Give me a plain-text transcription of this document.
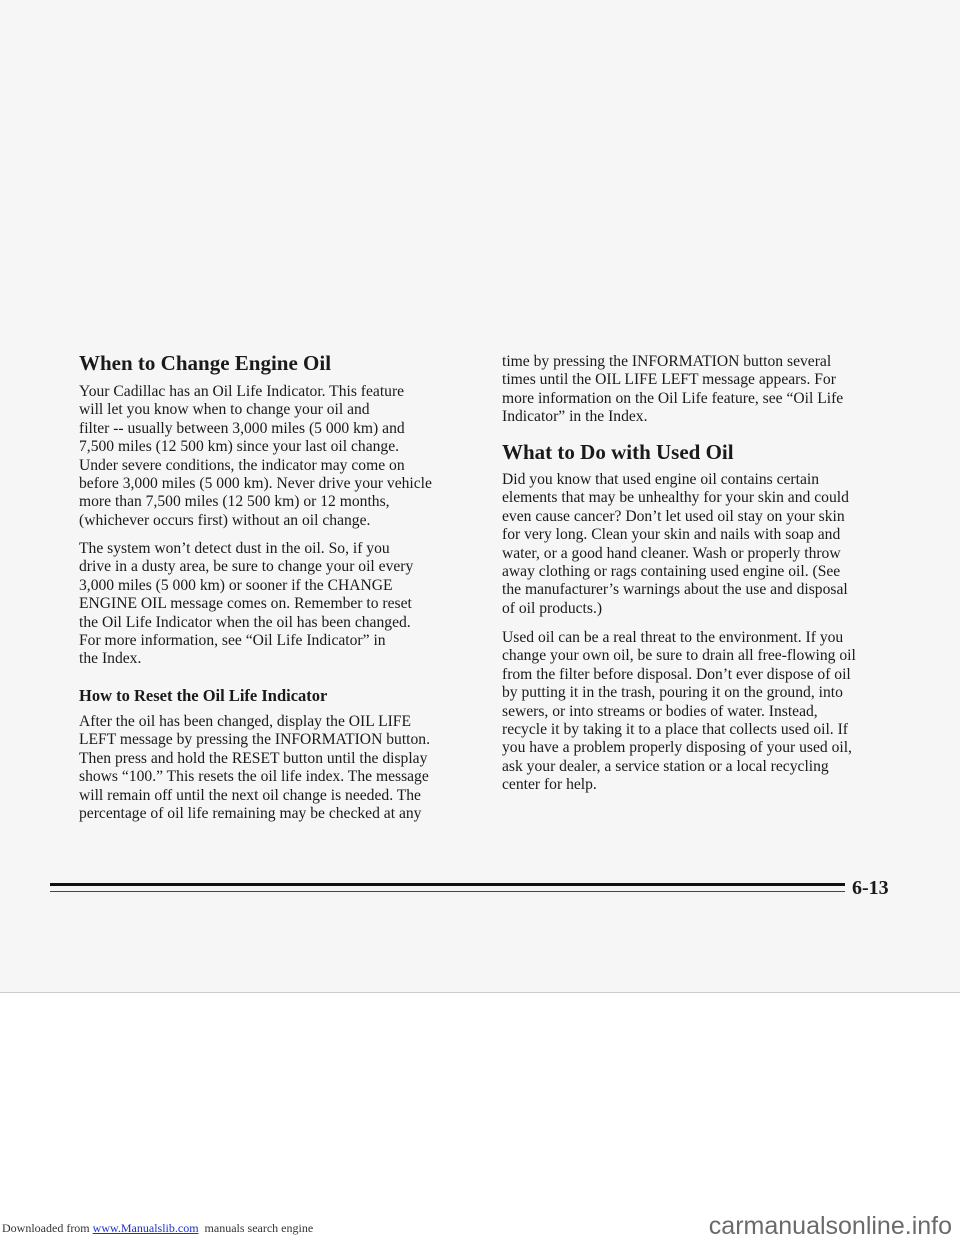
When to Change Engine Oil
Your Cadillac has an Oil Life Indicator. This feature
will let you know when to change your oil and
filter -- usually between 3,000 miles (5 000 km) and
7,500 miles (12 500 km) since your last oil change.
Under severe conditions, the indicator may come on
before 3,000 miles (5 000 km). Never drive your vehicle
more than 7,500 miles (12 500 km) or 12 months,
(whichever occurs first) without an oil change.
The system won’t detect dust in the oil. So, if you
drive in a dusty area, be sure to change your oil every
3,000 miles (5 000 km) or sooner if the CHANGE
ENGINE OIL message comes on. Remember to reset
the Oil Life Indicator when the oil has been changed.
For more information, see “Oil Life Indicator” in
the Index.
How to Reset the Oil Life Indicator
After the oil has been changed, display the OIL LIFE
LEFT message by pressing the INFORMATION button.
Then press and hold the RESET button until the display
shows “100.” This resets the oil life index. The message
will remain off until the next oil change is needed. The
percentage of oil life remaining may be checked at any
time by pressing the INFORMATION button several
times until the OIL LIFE LEFT message appears. For
more information on the Oil Life feature, see “Oil Life
Indicator” in the Index.
What to Do with Used Oil
Did you know that used engine oil contains certain
elements that may be unhealthy for your skin and could
even cause cancer? Don’t let used oil stay on your skin
for very long. Clean your skin and nails with soap and
water, or a good hand cleaner. Wash or properly throw
away clothing or rags containing used engine oil. (See
the manufacturer’s warnings about the use and disposal
of oil products.)
Used oil can be a real threat to the environment. If you
change your own oil, be sure to drain all free-flowing oil
from the filter before disposal. Don’t ever dispose of oil
by putting it in the trash, pouring it on the ground, into
sewers, or into streams or bodies of water. Instead,
recycle it by taking it to a place that collects used oil. If
you have a problem properly disposing of your used oil,
ask your dealer, a service station or a local recycling
center for help.
6-13
Downloaded from www.Manualslib.com  manuals search engine	carmanualsonline.info
